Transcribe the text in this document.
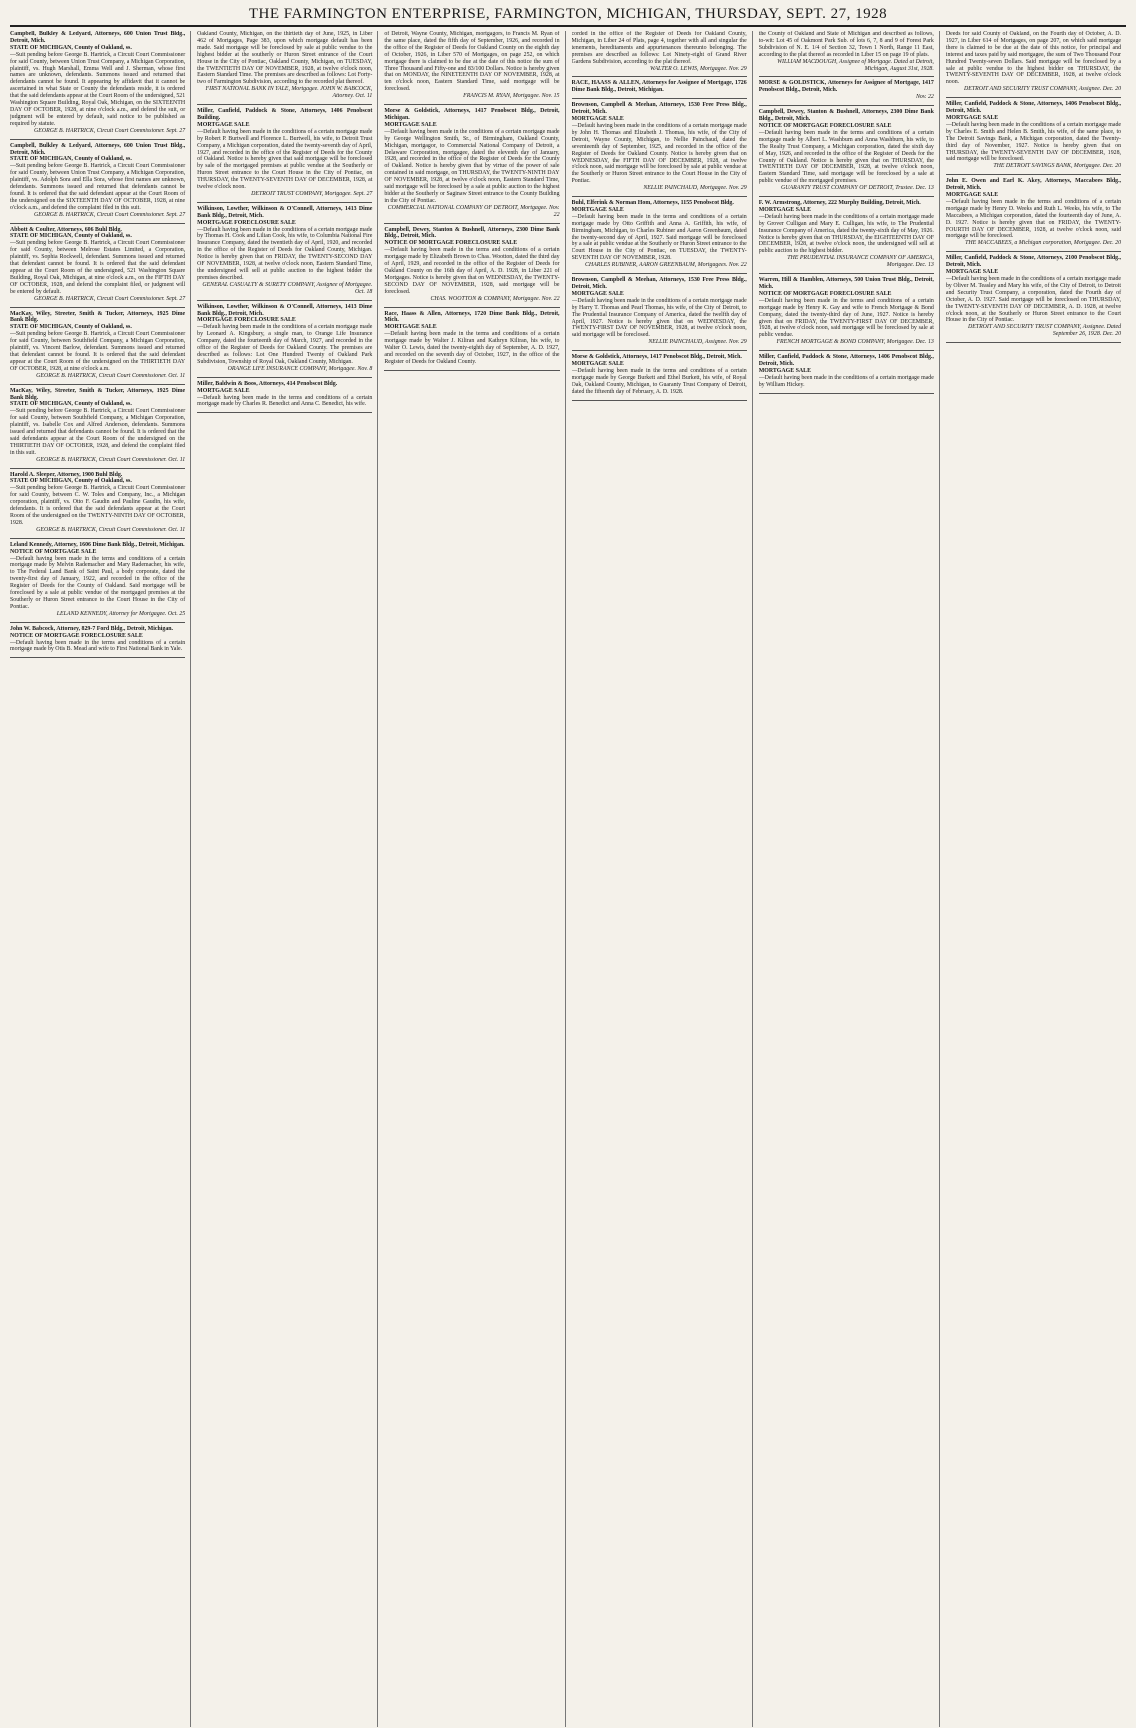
THE FARMINGTON ENTERPRISE, FARMINGTON, MICHIGAN, THURSDAY, SEPT. 27, 1928
Campbell, Bulkley & Ledyard, Attorneys, 600 Union Trust Bldg., Detroit, Mich.
STATE OF MICHIGAN, County of Oakland, ss.
—Suit pending before George B. Hartrick, a Circuit Court Commissioner for said County, between Union Trust Company, a Michigan Corporation, plaintiff, vs. Hugh Marshall, Emma Well and J. Sherman, whose first names are unknown, defendants. Summons issued and returned that defendants cannot be found. It appearing by affidavit that it cannot be ascertained in what State or County the defendants reside, it is ordered that the said defendants appear at the Court Room of the undersigned, 521 Washington Square Building, Royal Oak, Michigan, on the SIXTEENTH DAY OF OCTOBER, 1928, at nine o'clock a.m., and defend the suit, or judgment will be entered by default, said notice to be published as required by statute.
GEORGE B. HARTRICK, Circuit Court Commissioner. Sept. 27
Campbell, Bulkley & Ledyard, Attorneys, 600 Union Trust Bldg., Detroit, Mich.
STATE OF MICHIGAN, County of Oakland, ss.
—Suit pending before George B. Hartrick, a Circuit Court Commissioner for said County, between Union Trust Company, a Michigan Corporation, plaintiff, vs. Adolph Sora and Ella Sora, whose first names are unknown, defendants. Summons issued and returned that defendants cannot be found. It is ordered that the said defendant appear at the Court Room of the undersigned on the SIXTEENTH DAY OF OCTOBER, 1928, at nine o'clock a.m., and defend the complaint filed in this suit.
GEORGE B. HARTRICK, Circuit Court Commissioner. Sept. 27
Abbott & Coulter, Attorneys, 606 Buhl Bldg.
STATE OF MICHIGAN, County of Oakland, ss.
—Suit pending before George B. Hartrick, a Circuit Court Commissioner for said County, between Melrose Estates Limited, a Corporation, plaintiff, vs. Sophia Rockwell, defendant. Summons issued and returned that defendant cannot be found. It is ordered that the said defendant appear at the Court Room of the undersigned, 521 Washington Square Building, Royal Oak, Michigan, at nine o'clock a.m., on the FIFTH DAY OF OCTOBER, 1928, and defend the complaint filed, or judgment will be entered by default.
GEORGE B. HARTRICK, Circuit Court Commissioner. Sept. 27
MacKay, Wiley, Streeter, Smith & Tucker, Attorneys, 1925 Dime Bank Bldg.
STATE OF MICHIGAN, County of Oakland, ss.
—Suit pending before George B. Hartrick, a Circuit Court Commissioner for said County, between Southfield Company, a Michigan Corporation, plaintiff, vs. Vincent Barlow, defendant. Summons issued and returned that defendant cannot be found. It is ordered that the said defendant appear at the Court Room of the undersigned on the THIRTIETH DAY OF OCTOBER, 1928, at nine o'clock a.m.
GEORGE B. HARTRICK, Circuit Court Commissioner. Oct. 11
MacKay, Wiley, Streeter, Smith & Tucker, Attorneys, 1925 Dime Bank Bldg.
STATE OF MICHIGAN, County of Oakland, ss.
—Suit pending before George B. Hartrick, a Circuit Court Commissioner for said County, between Southfield Company, a Michigan Corporation, plaintiff, vs. Isabelle Cox and Alfred Anderson, defendants. Summons issued and returned that defendants cannot be found. It is ordered that the said defendants appear at the Court Room of the undersigned on the THIRTIETH DAY OF OCTOBER, 1928, and defend the complaint filed in this suit.
GEORGE B. HARTRICK, Circuit Court Commissioner. Oct. 11
Harold A. Sleeper, Attorney, 1900 Buhl Bldg.
STATE OF MICHIGAN, County of Oakland, ss.
—Suit pending before George B. Hartrick, a Circuit Court Commissioner for said County, between C. W. Toles and Company, Inc., a Michigan corporation, plaintiff, vs. Otto F. Gaudin and Pauline Gaudin, his wife, defendants. It is ordered that the said defendants appear at the Court Room of the undersigned on the TWENTY-NINTH DAY OF OCTOBER, 1928.
GEORGE B. HARTRICK, Circuit Court Commissioner. Oct. 11
Leland Kennedy, Attorney, 1606 Dime Bank Bldg., Detroit, Michigan.
NOTICE OF MORTGAGE SALE
—Default having been made in the terms and conditions of a certain mortgage made by Melvin Rademacher and Mary Rademacher, his wife, to The Federal Land Bank of Saint Paul, a body corporate, dated the twenty-first day of January, 1922, and recorded in the office of the Register of Deeds for the County of Oakland. Said mortgage will be foreclosed by a sale at public vendue of the mortgaged premises at the Southerly or Huron Street entrance to the Court House in the City of Pontiac.
LELAND KENNEDY, Attorney for Mortgagee. Oct. 25
John W. Babcock, Attorney, 829-7 Ford Bldg., Detroit, Michigan.
NOTICE OF MORTGAGE FORECLOSURE SALE
—Default having been made in the terms and conditions of a certain mortgage made by Otis B. Mead and wife to First National Bank in Yale.
Oakland County, Michigan, on the thirtieth day of June, 1925, in Liber 462 of Mortgages, Page 383, upon which mortgage default has been made. Said mortgage will be foreclosed by sale at public vendue to the highest bidder at the southerly or Huron Street entrance of the Court House in the City of Pontiac, Oakland County, Michigan, on TUESDAY, the TWENTIETH DAY OF NOVEMBER, 1928, at twelve o'clock noon, Eastern Standard Time. The premises are described as follows: Lot Forty-two of Farmington Subdivision, according to the recorded plat thereof.
FIRST NATIONAL BANK IN YALE, Mortgagee. JOHN W. BABCOCK, Attorney. Oct. 11
Miller, Canfield, Paddock & Stone, Attorneys, 1406 Penobscot Building.
MORTGAGE SALE
—Default having been made in the conditions of a certain mortgage made by Robert P. Burtwell and Florence L. Burtwell, his wife, to Detroit Trust Company, a Michigan corporation, dated the twenty-seventh day of April, 1927, and recorded in the office of the Register of Deeds for the County of Oakland. Notice is hereby given that said mortgage will be foreclosed by sale of the mortgaged premises at public vendue at the Southerly or Huron Street entrance to the Court House in the City of Pontiac, on THURSDAY, the TWENTY-SEVENTH DAY OF DECEMBER, 1928, at twelve o'clock noon.
DETROIT TRUST COMPANY, Mortgagee. Sept. 27
Wilkinson, Lowther, Wilkinson & O'Connell, Attorneys, 1413 Dime Bank Bldg., Detroit, Mich.
MORTGAGE FORECLOSURE SALE
—Default having been made in the conditions of a certain mortgage made by Thomas H. Cook and Lilian Cook, his wife, to Columbia National Fire Insurance Company, dated the twentieth day of April, 1920, and recorded in the office of the Register of Deeds for Oakland County, Michigan. Notice is hereby given that on FRIDAY, the TWENTY-SECOND DAY OF NOVEMBER, 1928, at twelve o'clock noon, Eastern Standard Time, the undersigned will sell at public auction to the highest bidder the premises described.
GENERAL CASUALTY & SURETY COMPANY, Assignee of Mortgagee. Oct. 18
Wilkinson, Lowther, Wilkinson & O'Connell, Attorneys, 1413 Dime Bank Bldg., Detroit, Mich.
MORTGAGE FORECLOSURE SALE
—Default having been made in the conditions of a certain mortgage made by Leonard A. Kingsbury, a single man, to Orange Life Insurance Company, dated the fourteenth day of March, 1927, and recorded in the office of the Register of Deeds for Oakland County. The premises are described as follows: Lot One Hundred Twenty of Oakland Park Subdivision, Township of Royal Oak, Oakland County, Michigan.
ORANGE LIFE INSURANCE COMPANY, Mortgagee. Nov. 8
Miller, Baldwin & Boos, Attorneys, 414 Penobscot Bldg.
MORTGAGE SALE
—Default having been made in the terms and conditions of a certain mortgage made by Charles R. Benedict and Anna C. Benedict, his wife.
of Detroit, Wayne County, Michigan, mortgagors, to Francis M. Ryan of the same place, dated the fifth day of September, 1926, and recorded in the office of the Register of Deeds for Oakland County on the eighth day of October, 1926, in Liber 570 of Mortgages, on page 252, on which mortgage there is claimed to be due at the date of this notice the sum of Three Thousand and Fifty-one and 83/100 Dollars. Notice is hereby given that on MONDAY, the NINETEENTH DAY OF NOVEMBER, 1928, at ten o'clock noon, Eastern Standard Time, said mortgage will be foreclosed.
FRANCIS M. RYAN, Mortgagee. Nov. 15
Morse & Goldstick, Attorneys, 1417 Penobscot Bldg., Detroit, Michigan.
MORTGAGE SALE
—Default having been made in the conditions of a certain mortgage made by George Wellington Smith, Sr., of Birmingham, Oakland County, Michigan, mortgagor, to Commercial National Company of Detroit, a Delaware Corporation, mortgagee, dated the eleventh day of January, 1928, and recorded in the office of the Register of Deeds for the County of Oakland. Notice is hereby given that by virtue of the power of sale contained in said mortgage, on THURSDAY, the TWENTY-NINTH DAY OF NOVEMBER, 1928, at twelve o'clock noon, Eastern Standard Time, said mortgage will be foreclosed by a sale at public auction to the highest bidder at the Southerly or Saginaw Street entrance to the County Building in the City of Pontiac.
COMMERCIAL NATIONAL COMPANY OF DETROIT, Mortgagee. Nov. 22
Campbell, Dewey, Stanton & Bushnell, Attorneys, 2300 Dime Bank Bldg., Detroit, Mich.
NOTICE OF MORTGAGE FORECLOSURE SALE
—Default having been made in the terms and conditions of a certain mortgage made by Elizabeth Brown to Chas. Wootton, dated the third day of April, 1929, and recorded in the office of the Register of Deeds for Oakland County on the 16th day of April, A. D. 1928, in Liber 221 of Mortgages. Notice is hereby given that on WEDNESDAY, the TWENTY-SECOND DAY OF NOVEMBER, 1928, said mortgage will be foreclosed.
CHAS. WOOTTON & COMPANY, Mortgagee. Nov. 22
Race, Haass & Allen, Attorneys, 1720 Dime Bank Bldg., Detroit, Mich.
MORTGAGE SALE
—Default having been made in the terms and conditions of a certain mortgage made by Walter J. Kiliran and Kathryn Kiliran, his wife, to Walter O. Lewis, dated the twenty-eighth day of September, A. D. 1927, and recorded on the seventh day of October, 1927, in the office of the Register of Deeds for Oakland County.
corded in the office of the Register of Deeds for Oakland County, Michigan, in Liber 24 of Plats, page 4, together with all and singular the tenements, hereditaments and appurtenances thereunto belonging. The premises are described as follows: Lot Ninety-eight of Grand River Gardens Subdivision, according to the plat thereof.
WALTER O. LEWIS, Mortgagee. Nov. 29
RACE, HAASS & ALLEN, Attorneys for Assignee of Mortgage, 1726 Dime Bank Bldg., Detroit, Michigan.
Brownson, Campbell & Meehan, Attorneys, 1530 Free Press Bldg., Detroit, Mich.
MORTGAGE SALE
—Default having been made in the conditions of a certain mortgage made by John H. Thomas and Elizabeth J. Thomas, his wife, of the City of Detroit, Wayne County, Michigan, to Nellie Painchaud, dated the seventeenth day of September, 1925, and recorded in the office of the Register of Deeds for Oakland County. Notice is hereby given that on WEDNESDAY, the FIFTH DAY OF DECEMBER, 1928, at twelve o'clock noon, said mortgage will be foreclosed by sale at public vendue at the Southerly or Huron Street entrance to the Court House in the City of Pontiac.
NELLIE PAINCHAUD, Mortgagee. Nov. 29
Buhl, Elferink & Norman Hom, Attorneys, 1155 Penobscot Bldg.
MORTGAGE SALE
—Default having been made in the terms and conditions of a certain mortgage made by Otto Griffith and Anna A. Griffith, his wife, of Birmingham, Michigan, to Charles Rubiner and Aaron Greenbaum, dated the twenty-second day of April, 1927. Said mortgage will be foreclosed by a sale at public vendue at the Southerly or Huron Street entrance to the Court House in the City of Pontiac, on TUESDAY, the TWENTY-SEVENTH DAY OF NOVEMBER, 1928.
CHARLES RUBINER, AARON GREENBAUM, Mortgagees. Nov. 22
Brownson, Campbell & Meehan, Attorneys, 1530 Free Press Bldg., Detroit, Mich.
MORTGAGE SALE
—Default having been made in the conditions of a certain mortgage made by Harry T. Thomas and Pearl Thomas, his wife, of the City of Detroit, to The Prudential Insurance Company of America, dated the twelfth day of April, 1927. Notice is hereby given that on WEDNESDAY, the TWENTY-FIRST DAY OF NOVEMBER, 1928, at twelve o'clock noon, said mortgage will be foreclosed.
NELLIE PAINCHAUD, Assignee. Nov. 29
Morse & Goldstick, Attorneys, 1417 Penobscot Bldg., Detroit, Mich.
MORTGAGE SALE
—Default having been made in the terms and conditions of a certain mortgage made by George Burkett and Ethel Burkett, his wife, of Royal Oak, Oakland County, Michigan, to Guaranty Trust Company of Detroit, dated the fifteenth day of February, A. D. 1928.
the County of Oakland and State of Michigan and described as follows, to-wit: Lot 45 of Oakmont Park Sub. of lots 6, 7, 8 and 9 of Forest Park Subdivision of N. E. 1/4 of Section 32, Town 1 North, Range 11 East, according to the plat thereof as recorded in Liber 15 on page 19 of plats.
WILLIAM MACDOUGH, Assignee of Mortgage. Dated at Detroit, Michigan, August 31st, 1928.
MORSE & GOLDSTICK, Attorneys for Assignee of Mortgage, 1417 Penobscot Bldg., Detroit, Mich.
Nov. 22
Campbell, Dewey, Stanton & Bushnell, Attorneys, 2300 Dime Bank Bldg., Detroit, Mich.
NOTICE OF MORTGAGE FORECLOSURE SALE
—Default having been made in the terms and conditions of a certain mortgage made by Albert L. Washburn and Anna Washburn, his wife, to The Realty Trust Company, a Michigan corporation, dated the sixth day of May, 1926, and recorded in the office of the Register of Deeds for the County of Oakland. Notice is hereby given that on THURSDAY, the TWENTIETH DAY OF DECEMBER, 1928, at twelve o'clock noon, Eastern Standard Time, said mortgage will be foreclosed by a sale at public vendue of the mortgaged premises.
GUARANTY TRUST COMPANY OF DETROIT, Trustee. Dec. 13
F. W. Armstrong, Attorney, 222 Murphy Building, Detroit, Mich.
MORTGAGE SALE
—Default having been made in the conditions of a certain mortgage made by Grover Culligan and Mary E. Culligan, his wife, to The Prudential Insurance Company of America, dated the twenty-sixth day of May, 1926. Notice is hereby given that on THURSDAY, the EIGHTEENTH DAY OF DECEMBER, 1928, at twelve o'clock noon, the undersigned will sell at public auction to the highest bidder.
THE PRUDENTIAL INSURANCE COMPANY OF AMERICA, Mortgagee. Dec. 13
Warren, Hill & Hamblen, Attorneys, 500 Union Trust Bldg., Detroit, Mich.
NOTICE OF MORTGAGE FORECLOSURE SALE
—Default having been made in the terms and conditions of a certain mortgage made by Henry K. Gay and wife to French Mortgage & Bond Company, dated the twenty-third day of June, 1927. Notice is hereby given that on FRIDAY, the TWENTY-FIRST DAY OF DECEMBER, 1928, at twelve o'clock noon, said mortgage will be foreclosed by sale at public vendue.
FRENCH MORTGAGE & BOND COMPANY, Mortgagee. Dec. 13
Miller, Canfield, Paddock & Stone, Attorneys, 1406 Penobscot Bldg., Detroit, Mich.
MORTGAGE SALE
—Default having been made in the conditions of a certain mortgage made by William Hickey.
Deeds for said County of Oakland, on the Fourth day of October, A. D. 1927, in Liber 614 of Mortgages, on page 207, on which said mortgage there is claimed to be due at the date of this notice, for principal and interest and taxes paid by said mortgagee, the sum of Two Thousand Four Hundred Twenty-seven Dollars. Said mortgage will be foreclosed by a sale at public vendue to the highest bidder on THURSDAY, the TWENTY-SEVENTH DAY OF DECEMBER, 1928, at twelve o'clock noon.
DETROIT AND SECURITY TRUST COMPANY, Assignee. Dec. 20
Miller, Canfield, Paddock & Stone, Attorneys, 1406 Penobscot Bldg., Detroit, Mich.
MORTGAGE SALE
—Default having been made in the conditions of a certain mortgage made by Charles E. Smith and Helen B. Smith, his wife, of the same place, to The Detroit Savings Bank, a Michigan corporation, dated the Twenty-third day of November, 1927. Notice is hereby given that on THURSDAY, the TWENTY-SEVENTH DAY OF DECEMBER, 1928, said mortgage will be foreclosed.
THE DETROIT SAVINGS BANK, Mortgagee. Dec. 20
John E. Owen and Earl K. Akey, Attorneys, Maccabees Bldg., Detroit, Mich.
MORTGAGE SALE
—Default having been made in the terms and conditions of a certain mortgage made by Henry D. Weeks and Ruth L. Weeks, his wife, to The Maccabees, a Michigan corporation, dated the fourteenth day of June, A. D. 1927. Notice is hereby given that on FRIDAY, the TWENTY-FOURTH DAY OF DECEMBER, 1928, at twelve o'clock noon, said mortgage will be foreclosed.
THE MACCABEES, a Michigan corporation, Mortgagee. Dec. 20
Miller, Canfield, Paddock & Stone, Attorneys, 2100 Penobscot Bldg., Detroit, Mich.
MORTGAGE SALE
—Default having been made in the conditions of a certain mortgage made by Oliver M. Teasley and Mary his wife, of the City of Detroit, to Detroit and Security Trust Company, a corporation, dated the Fourth day of October, A. D. 1927. Said mortgage will be foreclosed on THURSDAY, the TWENTY-SEVENTH DAY OF DECEMBER, A. D. 1928, at twelve o'clock noon, at the Southerly or Huron Street entrance to the Court House in the City of Pontiac.
DETROIT AND SECURITY TRUST COMPANY, Assignee. Dated September 26, 1928. Dec. 20
